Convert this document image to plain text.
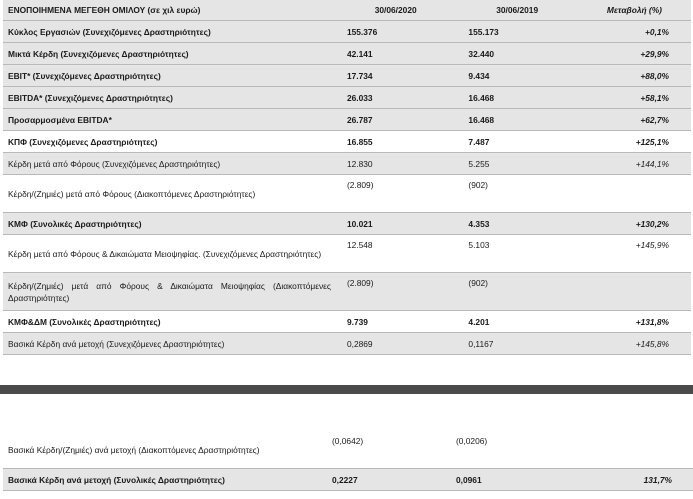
ΕΝΟΠΟΙΗΜΕΝΑ ΜΕΓΕΘΗ ΟΜΙΛΟΥ (σε χιλ ευρώ)	30/06/2020	30/06/2019	Μεταβολή (%)
Κύκλος Εργασιών (Συνεχιζόμενες Δραστηριότητες)	155.376	155.173	+0,1%
Μικτά Κέρδη (Συνεχιζόμενες Δραστηριότητες)	42.141	32.440	+29,9%
EBIT* (Συνεχιζόμενες Δραστηριότητες)	17.734	9.434	+88,0%
EBITDA* (Συνεχιζόμενες Δραστηριότητες)	26.033	16.468	+58,1%
Προσαρμοσμένα EBITDA*	26.787	16.468	+62,7%
ΚΠΦ (Συνεχιζόμενες Δραστηριότητες)	16.855	7.487	+125,1%
Κέρδη μετά από Φόρους (Συνεχιζόμενες Δραστηριότητες)	12.830	5.255	+144,1%
Κέρδη/(Ζημιές) μετά από Φόρους (Διακοπτόμενες Δραστηριότητες)	(2.809)	(902)	
ΚΜΦ (Συνολικές Δραστηριότητες)	10.021	4.353	+130,2%
Κέρδη μετά από Φόρους & Δικαιώματα Μειοψηφίας. (Συνεχιζόμενες Δραστηριότητες)	12.548	5.103	+145,9%
Κέρδη/(Ζημιές) μετά από Φόρους & Δικαιώματα Μειοψηφίας (Διακοπτόμενες Δραστηριότητες)	(2.809)	(902)	
ΚΜΦ&ΔΜ (Συνολικές Δραστηριότητες)	9.739	4.201	+131,8%
Βασικά Κέρδη ανά μετοχή (Συνεχιζόμενες Δραστηριότητες)	0,2869	0,1167	+145,8%
Βασικά Κέρδη/(Ζημιές) ανά μετοχή (Διακοπτόμενες Δραστηριότητες)	(0,0642)	(0,0206)	
Βασικά Κέρδη ανά μετοχή (Συνολικές Δραστηριότητες)	0,2227	0,0961	131,7%
